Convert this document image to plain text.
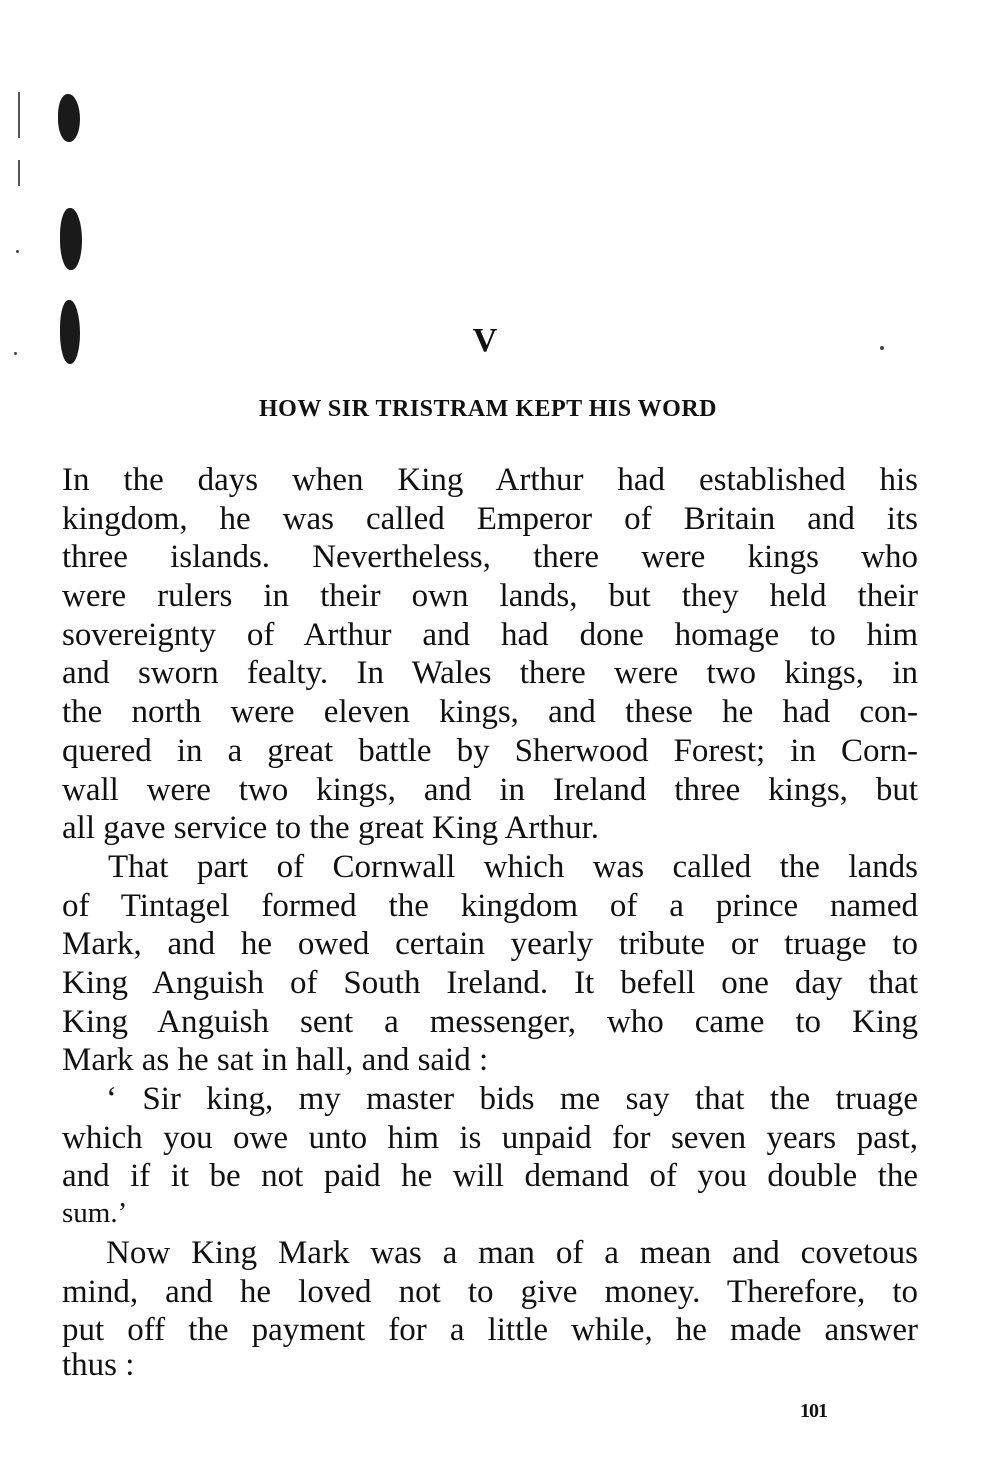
V
HOW SIR TRISTRAM KEPT HIS WORD
In the days when King Arthur had established his
kingdom, he was called Emperor of Britain and its
three islands. Nevertheless, there were kings who
were rulers in their own lands, but they held their
sovereignty of Arthur and had done homage to him
and sworn fealty. In Wales there were two kings, in
the north were eleven kings, and these he had con-
quered in a great battle by Sherwood Forest; in Corn-
wall were two kings, and in Ireland three kings, but
all gave service to the great King Arthur.
That part of Cornwall which was called the lands
of Tintagel formed the kingdom of a prince named
Mark, and he owed certain yearly tribute or truage to
King Anguish of South Ireland. It befell one day that
King Anguish sent a messenger, who came to King
Mark as he sat in hall, and said :
‘ Sir king, my master bids me say that the truage
which you owe unto him is unpaid for seven years past,
and if it be not paid he will demand of you double the
sum.’
Now King Mark was a man of a mean and covetous
mind, and he loved not to give money. Therefore, to
put off the payment for a little while, he made answer
thus :
101
